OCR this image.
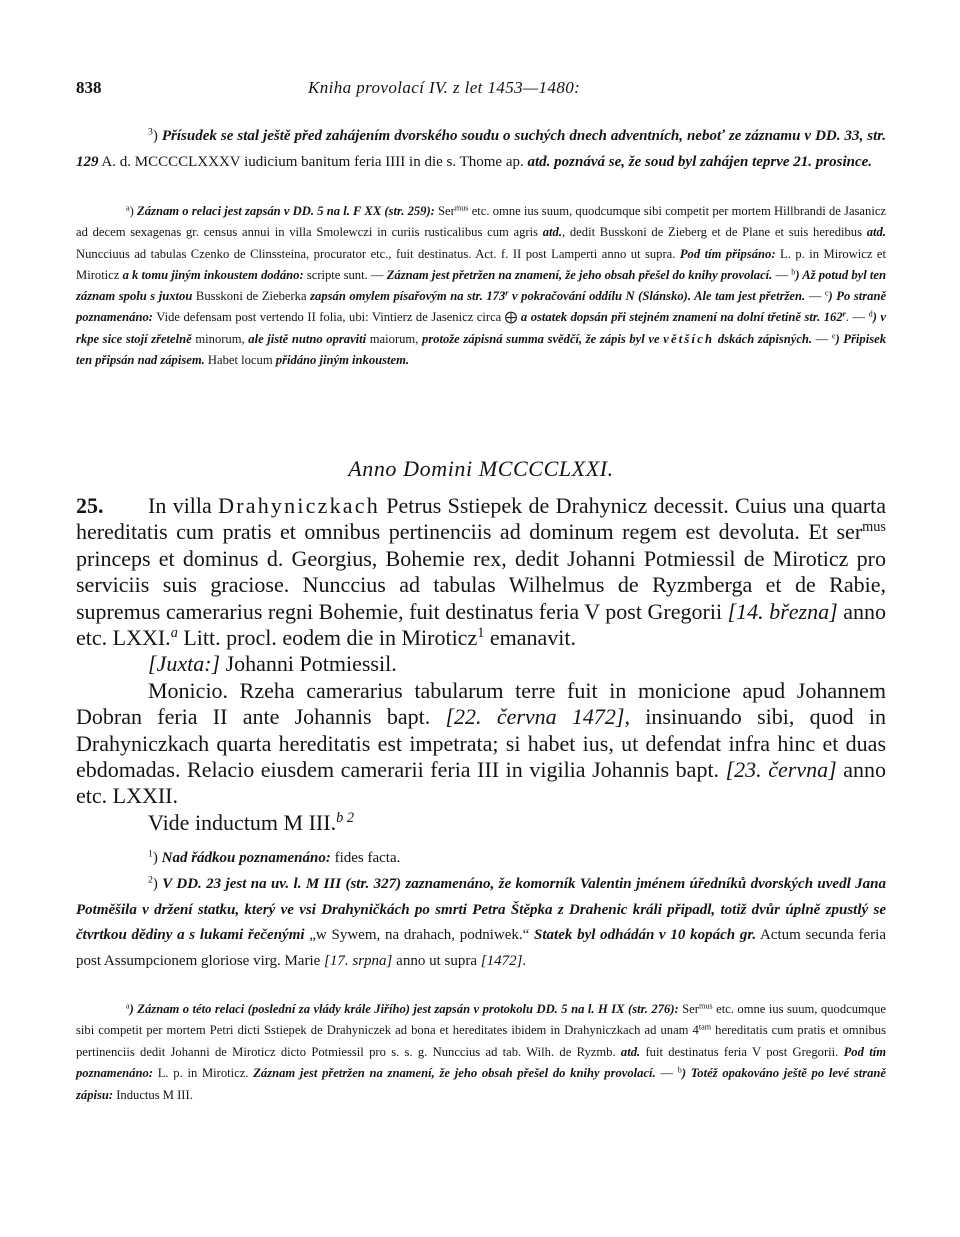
838	Kniha provolací IV. z let 1453—1480:

$^3$) Přísudek se stal ještě před zahájením dvorského soudu o suchých dnech adventních, neboť ze záznamu v DD. 33, str. 129 A. d. MCCCCLXXXV iudicium banitum feria IIII in die s. Thome ap. atd. poznává se, že soud byl zahájen teprve 21. prosince.

$^a$) Záznam o relaci jest zapsán v DD. 5 na l. F XX (str. 259): Ser$^{mus}$ etc. omne ius suum, quodcumque sibi competit per mortem Hillbrandi de Jasanicz ad decem sexagenas gr. census annui in villa Smolewczi in curiis rusticalibus cum agris atd., dedit Busskoni de Zieberg et de Plane et suis heredibus atd. Nuncciuus ad tabulas Czenko de Clinssteina, procurator etc., fuit destinatus. Act. f. II post Lamperti anno ut supra. Pod tím připsáno: L. p. in Mirowicz et Miroticz a k tomu jiným inkoustem dodáno: scripte sunt. — Záznam jest přetržen na znamení, že jeho obsah přešel do knihy provolací. — $^b$) Až potud byl ten záznam spolu s juxtou Busskoni de Zieberka zapsán omylem písařovým na str. 173$^r$ v pokračování oddílu N (Slánsko). Ale tam jest přetržen. — $^c$) Po straně poznamenáno: Vide defensam post vertendo II folia, ubi: Vintierz de Jasenicz circa ⨁ a ostatek dopsán při stejném znamení na dolní třetině str. 162$^r$. — $^d$) v rkpe sice stojí zřetelně minorum, ale jistě nutno opraviti maiorum, protože zápisná summa svědčí, že zápis byl ve větších dskách zápisných. — $^e$) Připisek ten připsán nad zápisem. Habet locum přidáno jiným inkoustem.

Anno Domini MCCCCLXXI.

25. In villa Drahyniczkach Petrus Sstiepek de Drahynicz decessit. Cuius una quarta hereditatis cum pratis et omnibus pertinenciis ad dominum regem est devoluta. Et ser$^{mus}$ princeps et dominus d. Georgius, Bohemie rex, dedit Johanni Potmiessil de Miroticz pro serviciis suis graciose. Nunccius ad tabulas Wilhelmus de Ryzmberga et de Rabie, supremus camerarius regni Bohemie, fuit destinatus feria V post Gregorii [14. března] anno etc. LXXI.$^a$ Litt. procl. eodem die in Miroticz$^1$ emanavit.

[Juxta:] Johanni Potmiessil.

Monicio. Rzeha camerarius tabularum terre fuit in monicione apud Johannem Dobran feria II ante Johannis bapt. [22. června 1472], insinuando sibi, quod in Drahyniczkach quarta hereditatis est impetrata; si habet ius, ut defendat infra hinc et duas ebdomadas. Relacio eiusdem camerarii feria III in vigilia Johannis bapt. [23. června] anno etc. LXXII.

Vide inductum M III.$^{b 2}$

$^1$) Nad řádkou poznamenáno: fides facta.

$^2$) V DD. 23 jest na uv. l. M III (str. 327) zaznamenáno, že komorník Valentin jménem úředníků dvorských uvedl Jana Potměšila v držení statku, který ve vsi Drahyničkách po smrti Petra Štěpka z Drahenic králi připadl, totiž dvůr úplně zpustlý se čtvrtkou dědiny a s lukami řečenými „w Sywem, na drahach, podniwek.“ Statek byl odhádán v 10 kopách gr. Actum secunda feria post Assumpcionem gloriose virg. Marie [17. srpna] anno ut supra [1472].

$^a$) Záznam o této relaci (poslední za vlády krále Jiřího) jest zapsán v protokolu DD. 5 na l. H IX (str. 276): Ser$^{mus}$ etc. omne ius suum, quodcumque sibi competit per mortem Petri dicti Sstiepek de Drahyniczek ad bona et hereditates ibidem in Drahyniczkach ad unam $4^{tam}$ hereditatis cum pratis et omnibus pertinenciis dedit Johanni de Miroticz dicto Potmiessil pro s. s. g. Nunccius ad tab. Wilh. de Ryzmb. atd. fuit destinatus feria V post Gregorii. Pod tím poznamenáno: L. p. in Miroticz. Záznam jest přetržen na znamení, že jeho obsah přešel do knihy provolací. — $^b$) Totéž opakováno ještě po levé straně zápisu: Inductus M III.
